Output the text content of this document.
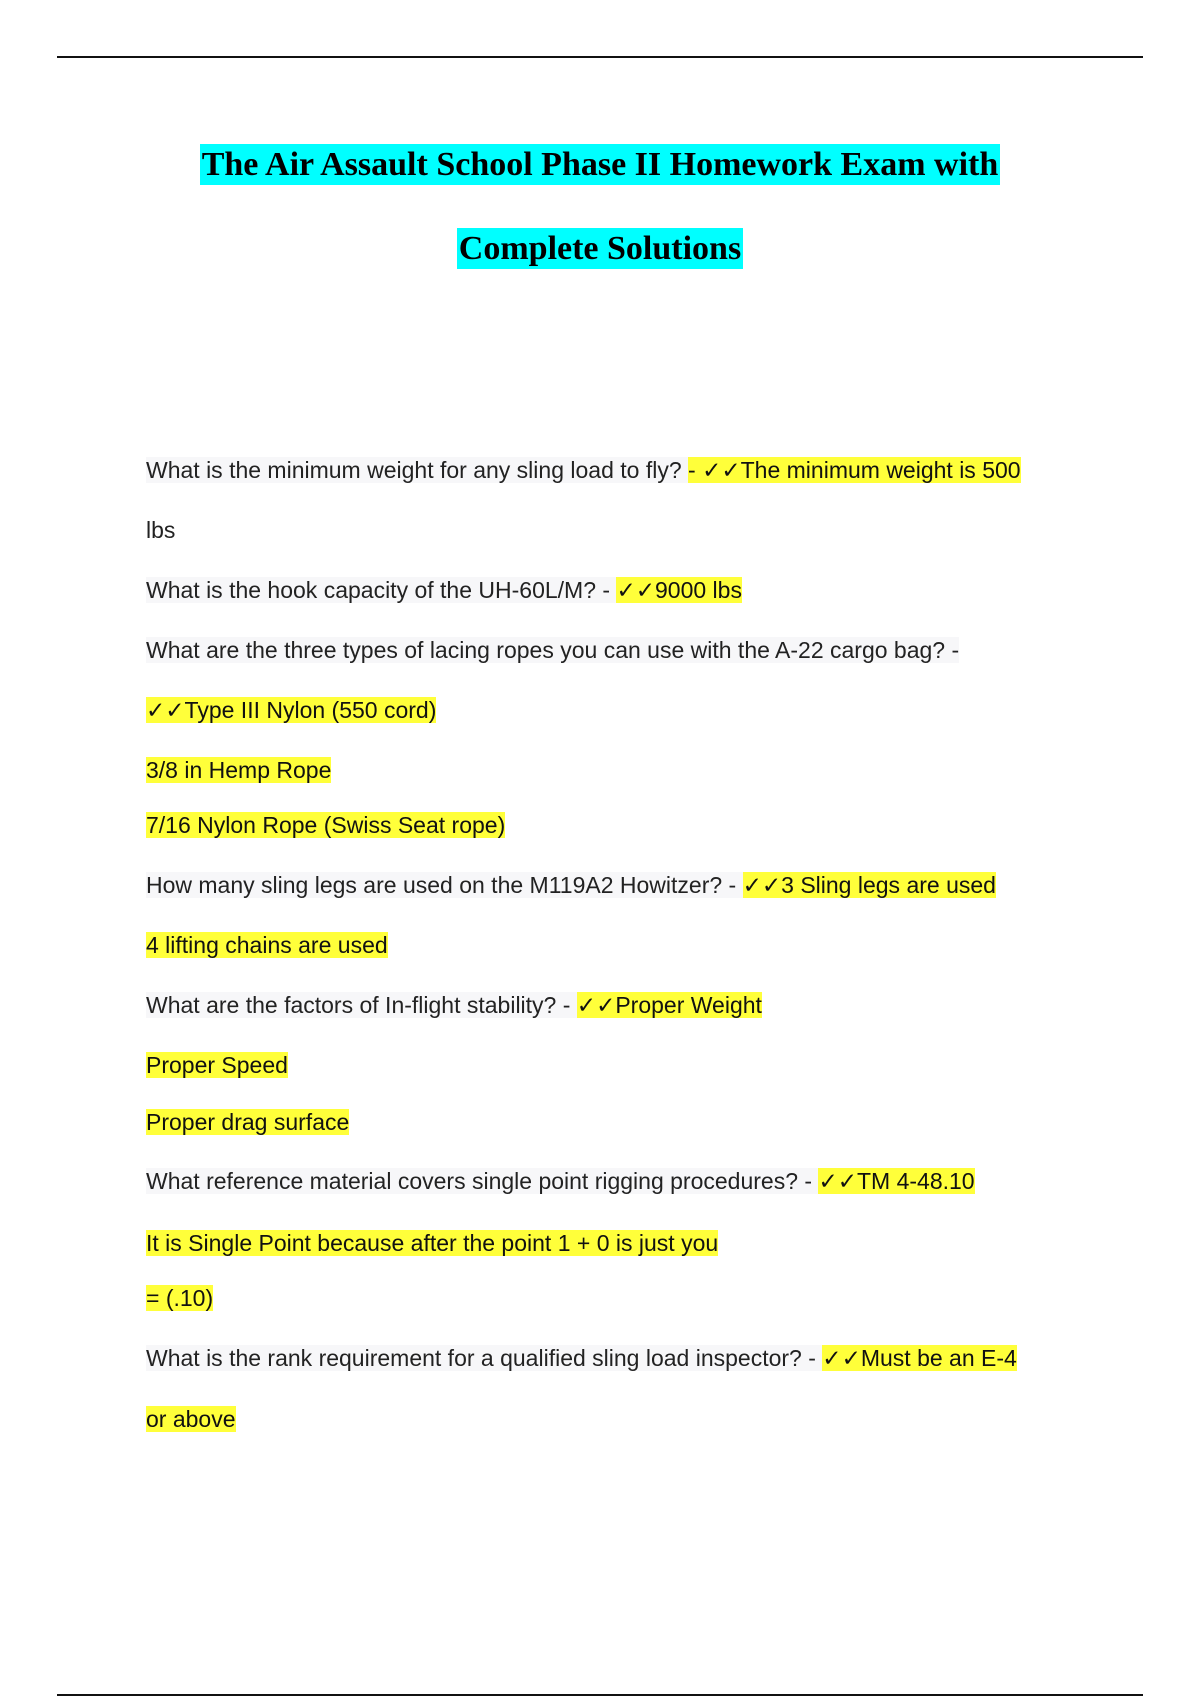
The Air Assault School Phase II Homework Exam with
Complete Solutions
What is the minimum weight for any sling load to fly? - ✓✓The minimum weight is 500
lbs
What is the hook capacity of the UH-60L/M? - ✓✓9000 lbs
What are the three types of lacing ropes you can use with the A-22 cargo bag? -
✓✓Type III Nylon (550 cord)
3/8 in Hemp Rope
7/16 Nylon Rope (Swiss Seat rope)
How many sling legs are used on the M119A2 Howitzer? - ✓✓3 Sling legs are used
4 lifting chains are used
What are the factors of In-flight stability? - ✓✓Proper Weight
Proper Speed
Proper drag surface
What reference material covers single point rigging procedures? - ✓✓TM 4-48.10
It is Single Point because after the point 1 + 0 is just you
= (.10)
What is the rank requirement for a qualified sling load inspector? - ✓✓Must be an E-4
or above
